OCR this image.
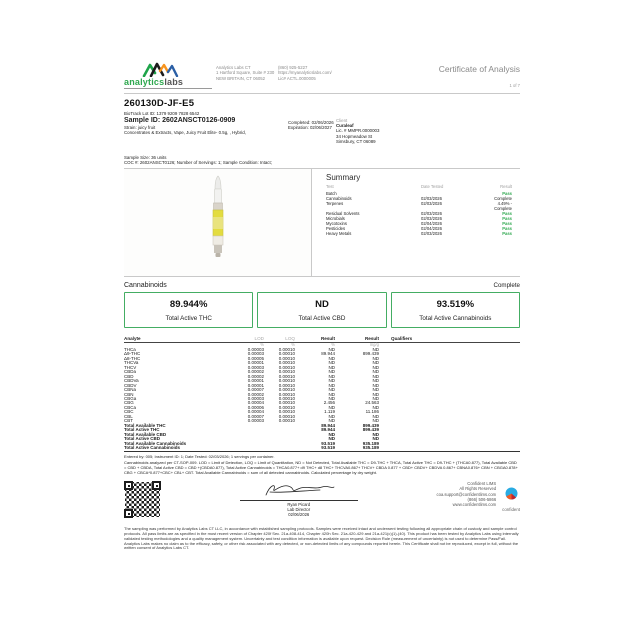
analyticslabs
Analytics Labs CT
1 Hartford Square, Suite # 230
NEW BRITAIN, CT 06052
(860) 925-5227
https://myanalyticslabs.com/
Lic# ACTL.0000005
Certificate of Analysis
1 of 7
260130D-JF-E5
BioTrack Lot ID: 1379 9209 7828 6542
Sample ID: 2602ANSCT0126-0909
Strain: juicy fruit
Concentrates & Extracts, Vape, Juicy Fruit Elite- 0.5g, , Hybrid,
Completed: 02/06/2026
Expiration: 02/06/2027
Client
Curaleaf
Lic. # MMPR.0000003
34 Hopmeadow St
Simsbury, CT 06089
Sample Size: 36 units
COC #: 2602ANSCT0126; Number of Servings: 1; Sample Condition: Intact;
Summary
Test	Date Tested	Result
Batch	Pass
Cannabinoids	02/03/2026	Complete
Terpenes	02/03/2026	4.49% - Complete
Residual Solvents	02/03/2026	Pass
Microbials	02/03/2026	Pass
Mycotoxins	02/04/2026	Pass
Pesticides	02/04/2026	Pass
Heavy Metals	02/03/2026	Pass
Cannabinoids	Complete
89.944%
Total Active THC
ND
Total Active CBD
93.519%
Total Active Cannabinoids
Analyte	LOD	LOQ	Result	Result	Qualifiers
%	%	%	mg/g
THCa	0.00003	0.00010	ND	ND
Δ9-THC	0.00003	0.00010	89.944	899.439
Δ8-THC	0.00005	0.00010	ND	ND
THCVa	0.00001	0.00010	ND	ND
THCV	0.00003	0.00010	ND	ND
CBDa	0.00002	0.00010	ND	ND
CBD	0.00002	0.00010	ND	ND
CBDVa	0.00001	0.00010	ND	ND
CBDV	0.00001	0.00010	ND	ND
CBNa	0.00007	0.00010	ND	ND
CBN	0.00002	0.00010	ND	ND
CBGa	0.00003	0.00010	ND	ND
CBG	0.00004	0.00010	2.456	24.563
CBCa	0.00006	0.00010	ND	ND
CBC	0.00004	0.00010	1.119	11.186
CBL	0.00007	0.00010	ND	ND
CBT	0.00003	0.00010	ND	ND
Total Available THC	89.944	899.439
Total Active THC	89.944	899.439
Total Available CBD	ND	ND
Total Active CBD	ND	ND
Total Available Cannabinoids	93.519	935.189
Total Active Cannabinoids	93.519	935.189
Entered by: 005; Instrument ID: 1; Date Tested: 02/03/2026; 1 servings per container.
Cannabinoids analyzed per CT-SOP-009. LOD = Limit of Detection, LOQ = Limit of Quantitation, ND = Not Detected, Total Available THC = D9-THC + THCA, Total Active THC = D9-THC + (THCA0.877), Total Available CBD = CBD + CBDA, Total Active CBD = CBD +(CBDA0.877), Total Active Cannabinoids = THCA0.877+ d9 THC+ d8 THC+ THCVA0.867+ THCV+ CBDA 0.877 + CBD+ CBDV+ CBDVA 0.867+ CBNA0.876+ CBN + CBGA0.878+ CBG + CBCA*0.877+CBC+ CBL+ CBT. Total Available Cannabinoids = sum of all detected cannabinoids. Calculated percentage by dry weight.
Ryan Picard
Lab Director
02/06/2026
Confident LIMS
All Rights Reserved
coa.support@confidentlims.com
(866) 506-5866
www.confidentlims.com
confident
The sampling was performed by Analytics Labs CT LLC, in accordance with established sampling protocols. Samples were received intact and underwent testing following all appropriate chain of custody and sample control protocols. All pass limits are as specified in the most recent version of Chapter 420f Sec. 21a-408-414, Chapter 420h Sec. 21a-420-429 and 21a-421(c)(1)-(40). This product has been tested by Analytics Labs using internally validated testing methodologies and a quality management system. Uncertainty and test condition information is available upon request. Decision Rule (measurement of uncertainty) is not used to determine Pass/Fail. Analytics Labs makes no claim as to the efficacy, safety, or other risk associated with any detected, or non-detected limits of any compounds reported herein. This Certificate shall not be reproduced, except in full, without the written consent of Analytics Labs CT.
